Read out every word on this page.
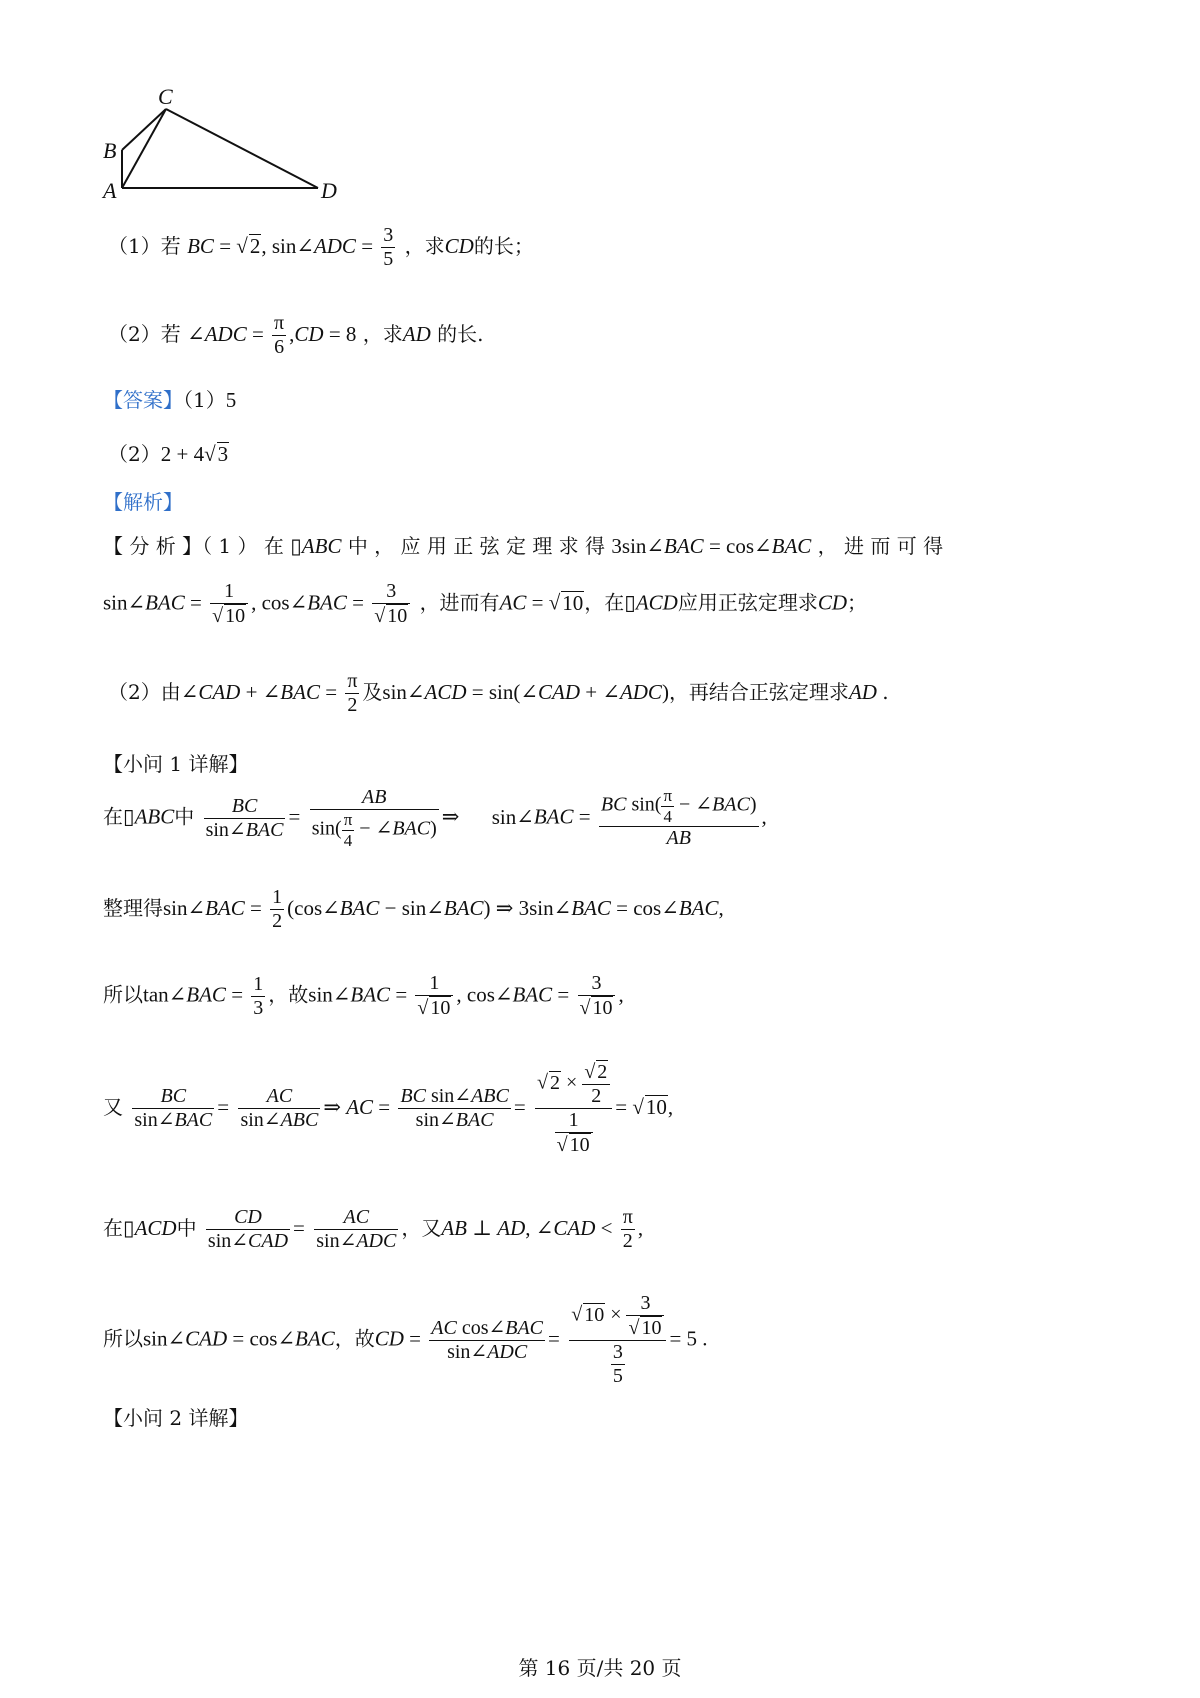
C
B
A	D
（1）若 BC = √2, sin∠ADC = $\frac{3}{5}$ ，求CD的长；
（2）若 ∠ADC = $\frac{\pi}{6} ,CD = 8$ ，求AD 的长.
【答案】（1）5
（2）2 + 4√3
【解析】
【 分 析 】（ 1 ） 在 ▯ABC 中 ， 应 用 正 弦 定 理 求 得 3sin∠BAC = cos∠BAC ， 进 而 可 得
sin∠BAC = $\frac{1}{√ 10}$ , cos∠BAC = $\frac{3}{√ 10}$ ，进而有AC = √10，在▯ACD应用正弦定理求CD；
（2）由∠CAD + ∠BAC = $\frac{\pi}{2}$ 及sin∠ACD = sin(∠CAD + ∠ADC)，再结合正弦定理求AD .
【小问 1 详解】
在▯ABC中 $\frac{BC}{\text{sin∠BAC}} = \frac{AB}{\sin( \frac{\pi}{4} - \angle BAC)}$ ⇒ sin∠BAC = $\frac{BC \sin( \frac{\pi}{4} - \angle BAC)}{AB}$ ,
整理得sin∠BAC = $\frac{1}{2}$ (cos∠BAC − sin∠BAC) ⇒ 3sin∠BAC = cos∠BAC,
所以tan∠BAC = $\frac{1}{3}$ ，故sin∠BAC = $\frac{1}{√ 10}$ , cos∠BAC = $\frac{3}{√ 10}$ ,
又 $\frac{BC}{\text{sin∠BAC}} = \frac{AC}{\text{sin∠ABC}}$ ⇒ AC = $\frac{\text{BC sin∠ABC}}{\text{sin∠BAC}} = \frac{√ 2 \times \frac{√ 2}{2}}{\frac{1}{√ 10}} = √10$,
在▯ACD中 $\frac{CD}{\text{sin∠CAD}} = \frac{AC}{\text{sin∠ADC}}$ ，又AB ⊥ AD, ∠CAD < $\frac{\pi}{2}$ ,
所以sin∠CAD = cos∠BAC，故CD = $\frac{\text{AC cos∠BAC}}{\text{sin∠ADC}} = \frac{√ 10 \times \frac{3}{√ 10}}{\frac{3}{5}} = 5$ .
【小问 2 详解】
第 16 页/共 20 页
